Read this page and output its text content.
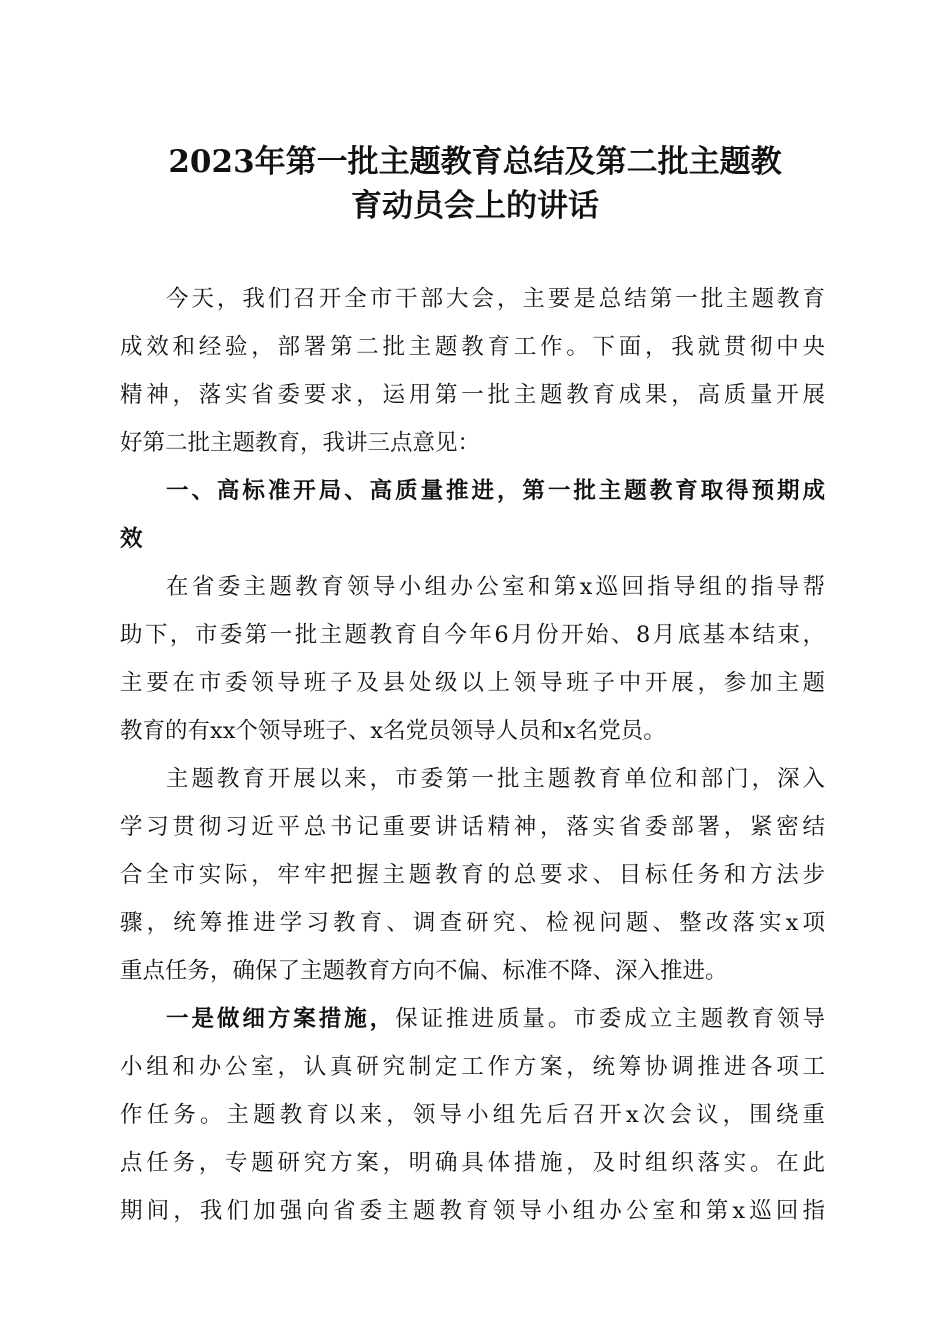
2023年第一批主题教育总结及第二批主题教
育动员会上的讲话
今天，我们召开全市干部大会，主要是总结第一批主题教育
成效和经验，部署第二批主题教育工作。下面，我就贯彻中央
精神，落实省委要求，运用第一批主题教育成果，高质量开展
好第二批主题教育，我讲三点意见：
一、高标准开局、高质量推进，第一批主题教育取得预期成
效
在省委主题教育领导小组办公室和第x巡回指导组的指导帮
助下，市委第一批主题教育自今年6月份开始、8月底基本结束，
主要在市委领导班子及县处级以上领导班子中开展，参加主题
教育的有xx个领导班子、x名党员领导人员和x名党员。
主题教育开展以来，市委第一批主题教育单位和部门，深入
学习贯彻习近平总书记重要讲话精神，落实省委部署，紧密结
合全市实际，牢牢把握主题教育的总要求、目标任务和方法步
骤，统筹推进学习教育、调查研究、检视问题、整改落实x项
重点任务，确保了主题教育方向不偏、标准不降、深入推进。
一是做细方案措施，保证推进质量。市委成立主题教育领导
小组和办公室，认真研究制定工作方案，统筹协调推进各项工
作任务。主题教育以来，领导小组先后召开x次会议，围绕重
点任务，专题研究方案，明确具体措施，及时组织落实。在此
期间，我们加强向省委主题教育领导小组办公室和第x巡回指
